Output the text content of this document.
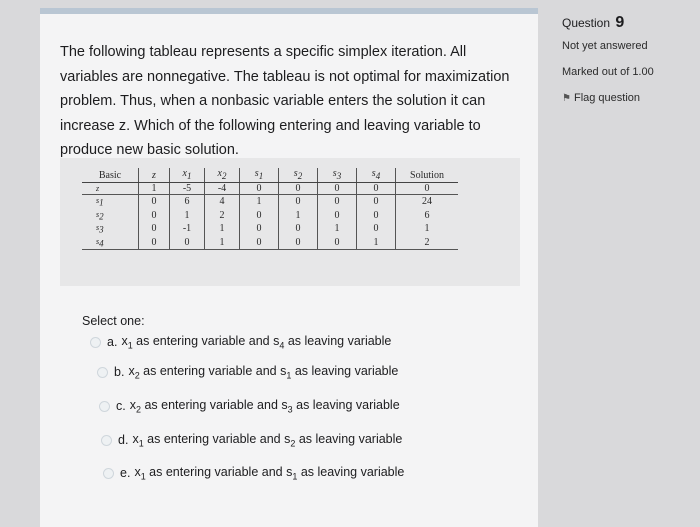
The following tableau represents a specific simplex iteration. All variables are nonnegative. The tableau is not optimal for maximization problem. Thus, when a nonbasic variable enters the solution it can increase z. Which of the following entering and leaving variable to produce new basic solution.
Basic	z	$x_1$	$x_2$	$s_1$	$s_2$	$s_3$	$s_4$	Solution
z	1	-5	-4	0	0	0	0	0
$s_1$	0	6	4	1	0	0	0	24
$s_2$	0	1	2	0	1	0	0	6
$s_3$	0	-1	1	0	0	1	0	1
$s_4$	0	0	1	0	0	0	1	2
Select one:
a. $x_1$ as entering variable and $s_4$ as leaving variable
b. $x_2$ as entering variable and $s_1$ as leaving variable
c. $x_2$ as entering variable and $s_3$ as leaving variable
d. $x_1$ as entering variable and $s_2$ as leaving variable
e. $x_1$ as entering variable and $s_1$ as leaving variable
Question 9
Not yet answered
Marked out of 1.00
⚑ Flag question
